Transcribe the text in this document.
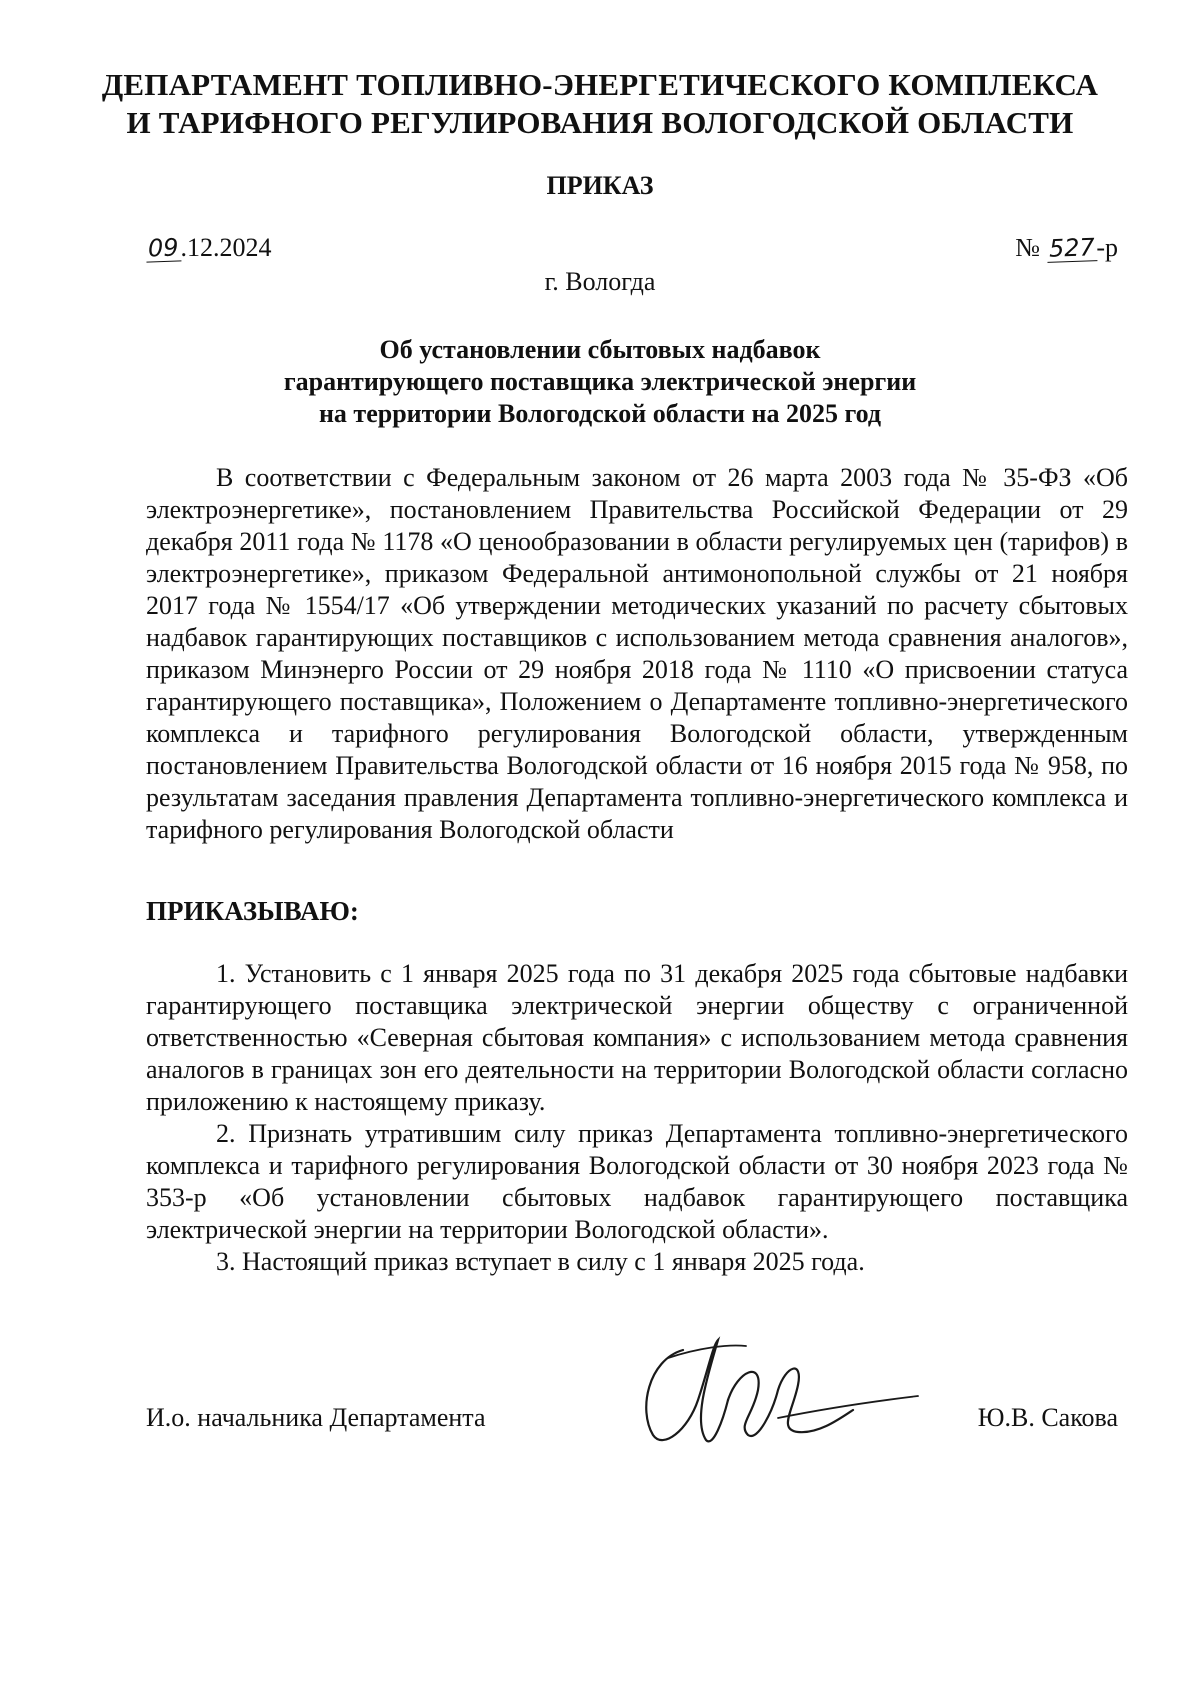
ДЕПАРТАМЕНТ ТОПЛИВНО-ЭНЕРГЕТИЧЕСКОГО КОМПЛЕКСА
И ТАРИФНОГО РЕГУЛИРОВАНИЯ ВОЛОГОДСКОЙ ОБЛАСТИ
ПРИКАЗ
09.12.2024	№ 527-р
г. Вологда
Об установлении сбытовых надбавок
гарантирующего поставщика электрической энергии
на территории Вологодской области на 2025 год

В соответствии с Федеральным законом от 26 марта 2003 года № 35-ФЗ «Об электроэнергетике», постановлением Правительства Российской Федерации от 29 декабря 2011 года № 1178 «О ценообразовании в области регулируемых цен (тарифов) в электроэнергетике», приказом Федеральной антимонопольной службы от 21 ноября 2017 года № 1554/17 «Об утверждении методических указаний по расчету сбытовых надбавок гарантирующих поставщиков с использованием метода сравнения аналогов», приказом Минэнерго России от 29 ноября 2018 года № 1110 «О присвоении статуса гарантирующего поставщика», Положением о Департаменте топливно-энергетического комплекса и тарифного регулирования Вологодской области, утвержденным постановлением Правительства Вологодской области от 16 ноября 2015 года № 958, по результатам заседания правления Департамента топливно-энергетического комплекса и тарифного регулирования Вологодской области

ПРИКАЗЫВАЮ:

1. Установить с 1 января 2025 года по 31 декабря 2025 года сбытовые надбавки гарантирующего поставщика электрической энергии обществу с ограниченной ответственностью «Северная сбытовая компания» с использованием метода сравнения аналогов в границах зон его деятельности на территории Вологодской области согласно приложению к настоящему приказу.

2. Признать утратившим силу приказ Департамента топливно-энергетического комплекса и тарифного регулирования Вологодской области от 30 ноября 2023 года № 353-р «Об установлении сбытовых надбавок гарантирующего поставщика электрической энергии на территории Вологодской области».

3. Настоящий приказ вступает в силу с 1 января 2025 года.

И.о. начальника Департамента	Ю.В. Сакова
